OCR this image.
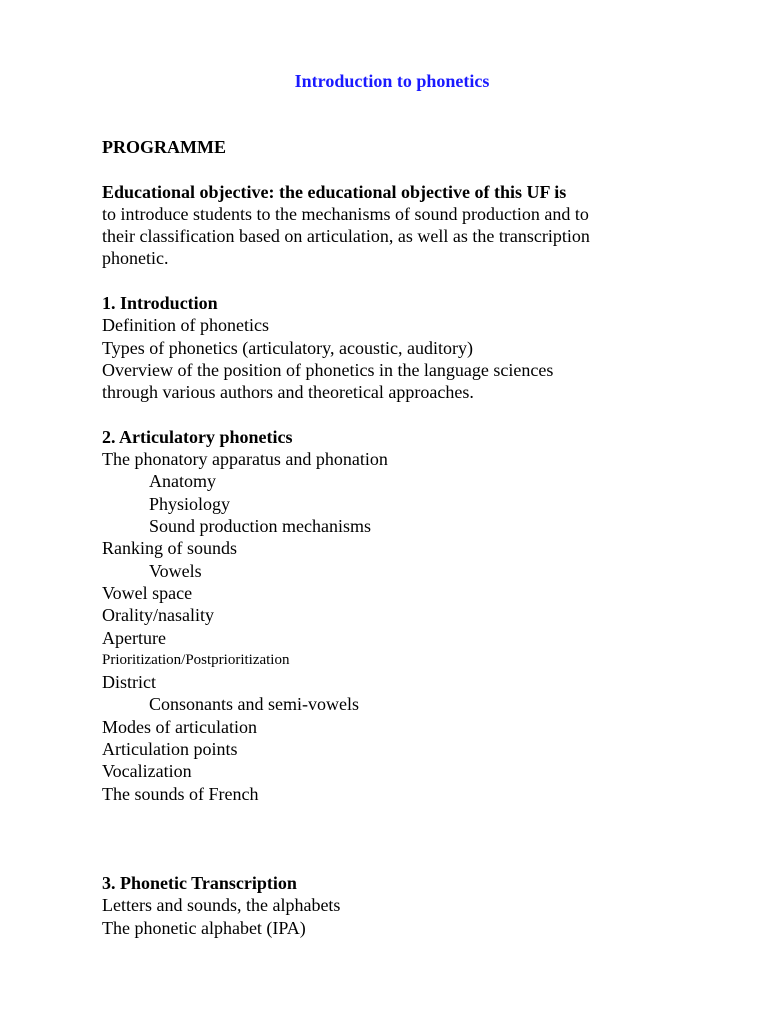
Introduction to phonetics
PROGRAMME
Educational objective: the educational objective of this UF is
to introduce students to the mechanisms of sound production and to
their classification based on articulation, as well as the transcription
phonetic.
1. Introduction
Definition of phonetics
Types of phonetics (articulatory, acoustic, auditory)
Overview of the position of phonetics in the language sciences
through various authors and theoretical approaches.
2. Articulatory phonetics
The phonatory apparatus and phonation
Anatomy
Physiology
Sound production mechanisms
Ranking of sounds
Vowels
Vowel space
Orality/nasality
Aperture
Prioritization/Postprioritization
District
Consonants and semi-vowels
Modes of articulation
Articulation points
Vocalization
The sounds of French
3. Phonetic Transcription
Letters and sounds, the alphabets
The phonetic alphabet (IPA)
